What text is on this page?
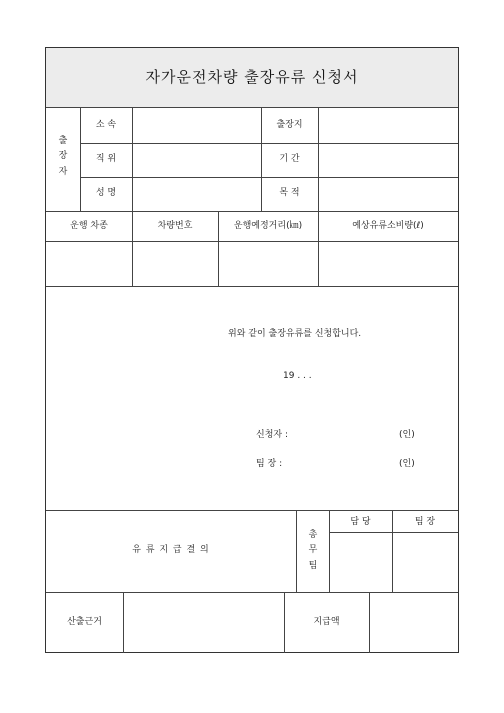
자가운전차량 출장유류 신청서
출
장
자
소 속	출장지
직 위	기 간
성 명	목 적
운행 차종	차량번호	운행예정거리(㎞)	예상유류소비량(ℓ)
위와 같이 출장유류를 신청합니다.
19 . . .
신청자 :	(인)
팀 장 :	(인)
유 류 지 급 결 의
총
무
팀
담 당	팀 장
산출근거	지급액
